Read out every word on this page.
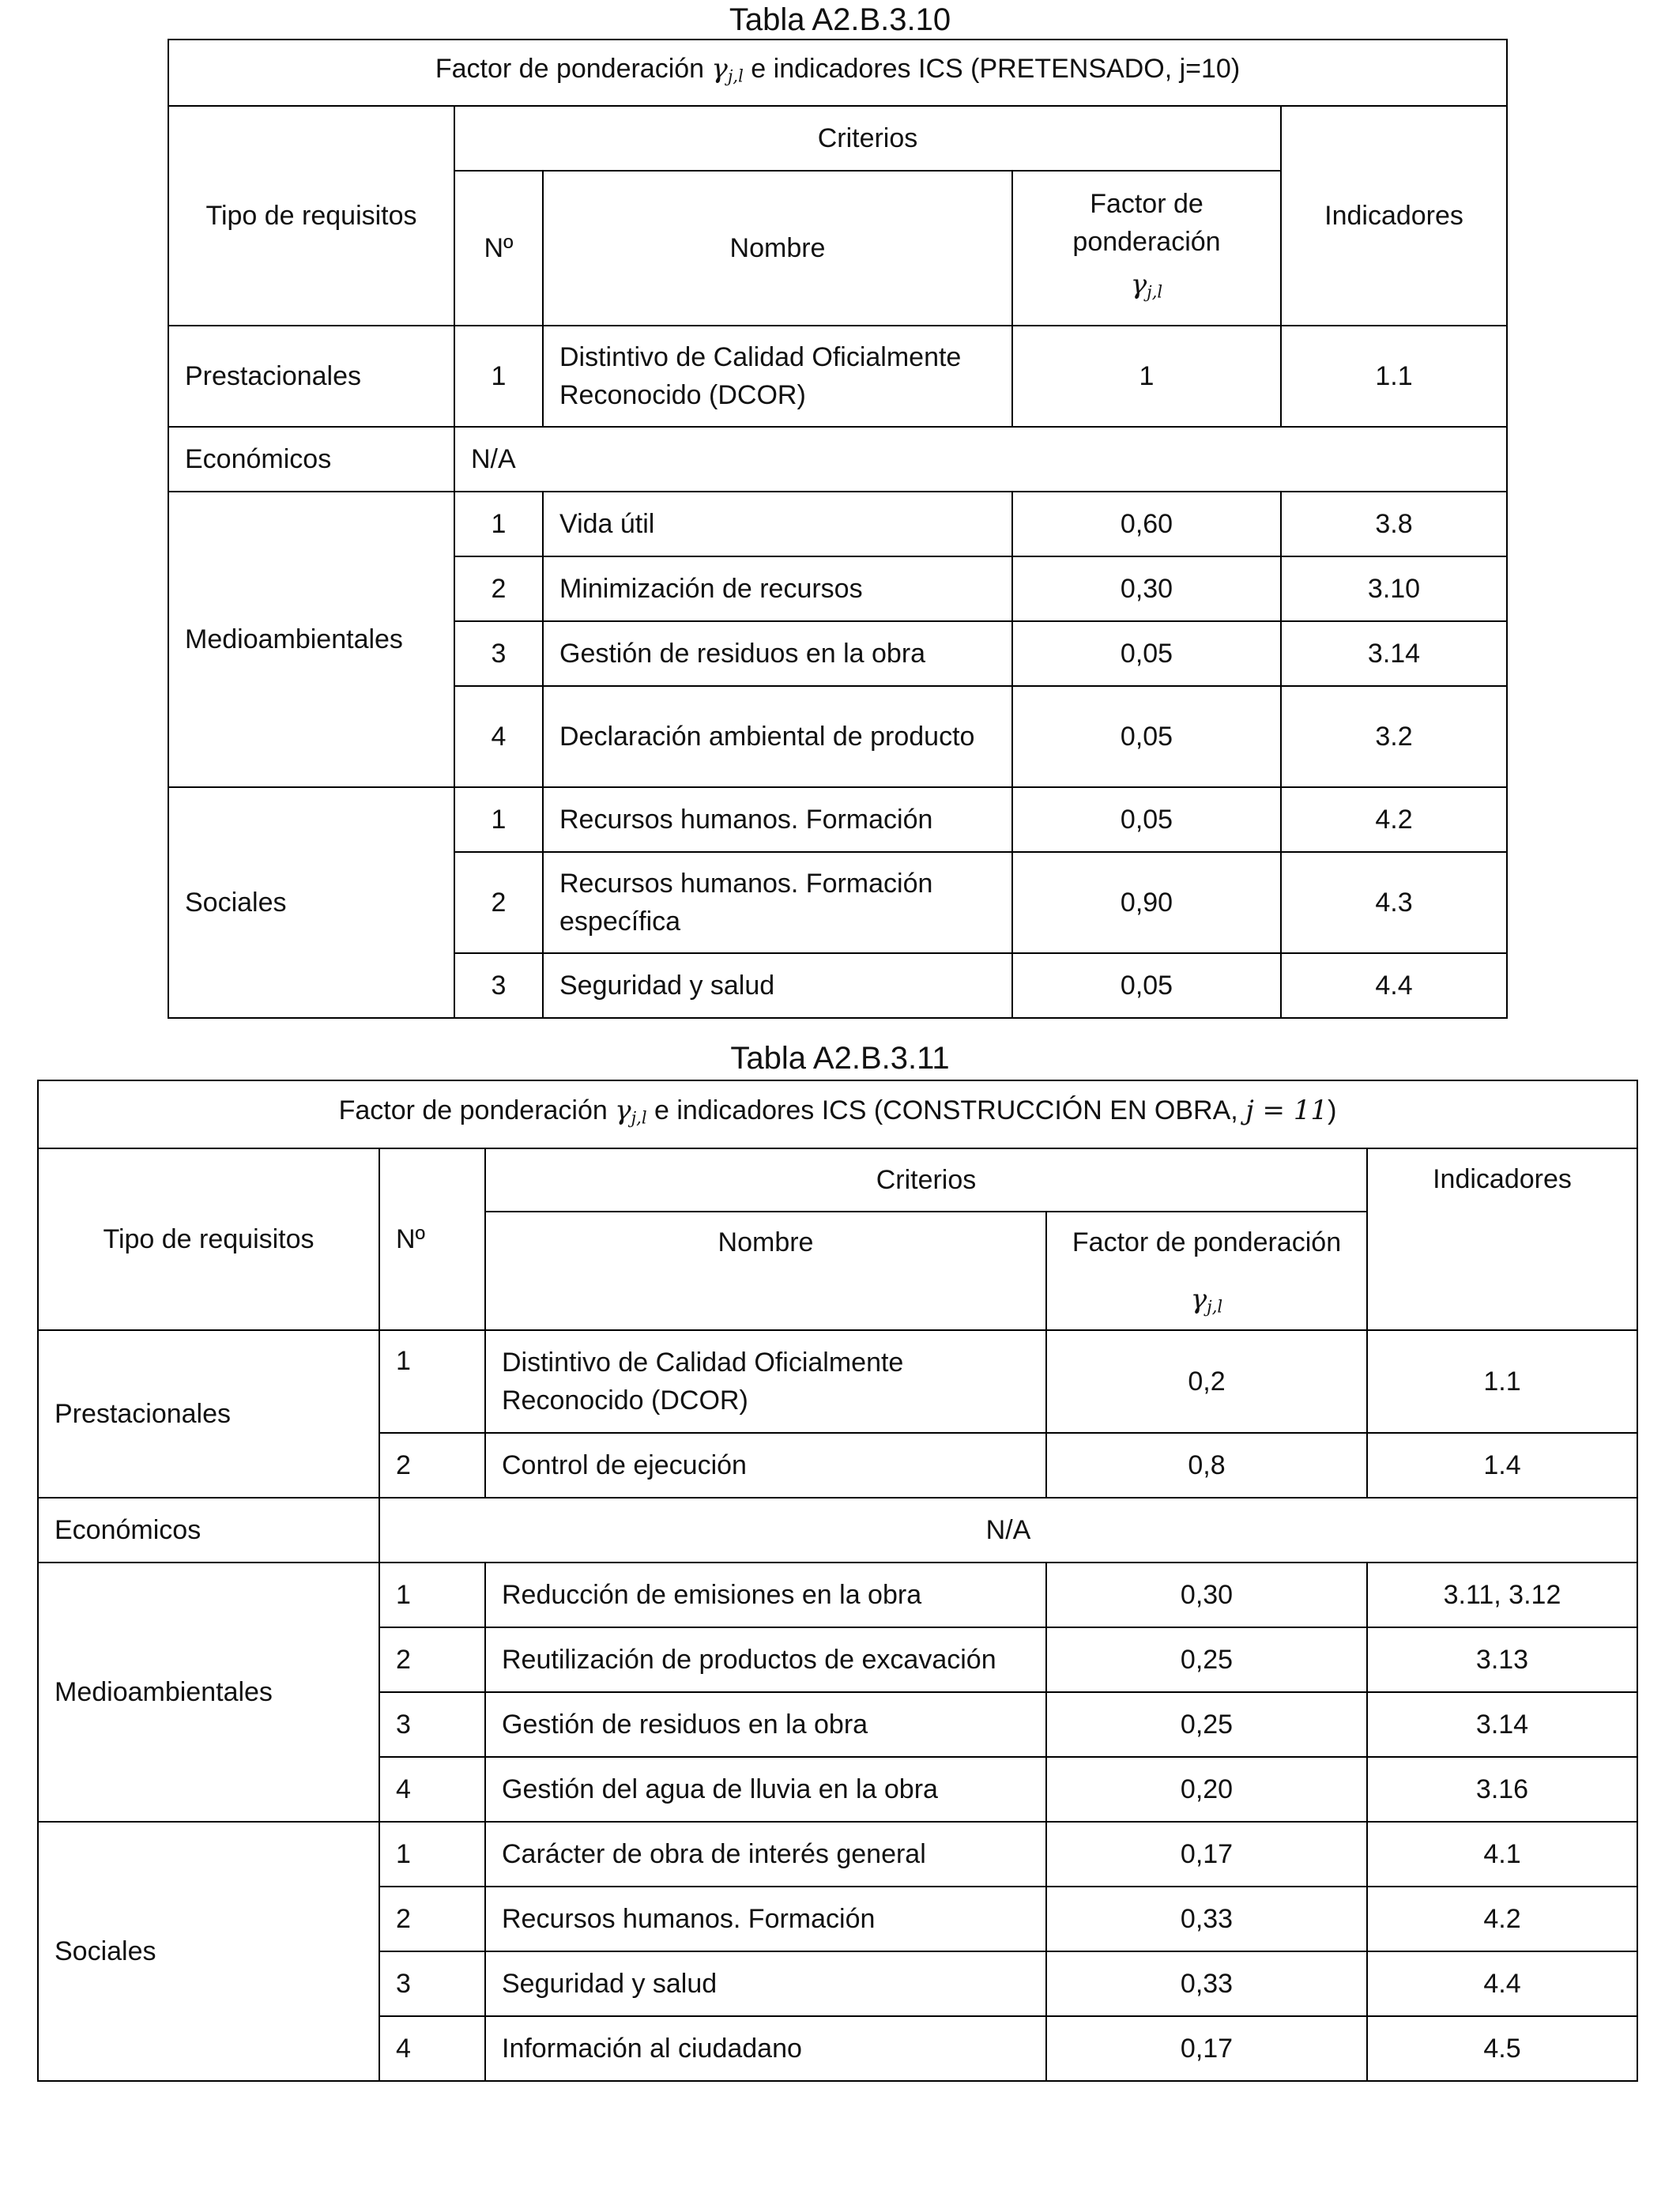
Tabla A2.B.3.10
Factor de ponderación $\gamma_{j,l}$ e indicadores ICS (PRETENSADO, j=10)				
Tipo de requisitos	Criterios			Indicadores
	Nº	Nombre	Factor de ponderación
$\gamma_{j,l}$

Prestacionales	1	Distintivo de Calidad Oficialmente Reconocido (DCOR)	1	1.1
Económicos	N/A			
Medioambientales	1	Vida útil	0,60	3.8
	2	Minimización de recursos	0,30	3.10
	3	Gestión de residuos en la obra	0,05	3.14
	4	Declaración ambiental de producto	0,05	3.2
Sociales	1	Recursos humanos. Formación	0,05	4.2
	2	Recursos humanos. Formación específica	0,90	4.3
	3	Seguridad y salud	0,05	4.4
Tabla A2.B.3.11
Factor de ponderación $\gamma_{j,l}$ e indicadores ICS (CONSTRUCCIÓN EN OBRA, j = 11)				
Tipo de requisitos	Nº	Criterios		Indicadores
		Nombre	Factor de ponderación
$\gamma_{j,l}$

Prestacionales	1	Distintivo de Calidad Oficialmente Reconocido (DCOR)	0,2	1.1
	2	Control de ejecución	0,8	1.4
Económicos	N/A			
Medioambientales	1	Reducción de emisiones en la obra	0,30	3.11, 3.12
	2	Reutilización de productos de excavación	0,25	3.13
	3	Gestión de residuos en la obra	0,25	3.14
	4	Gestión del agua de lluvia en la obra	0,20	3.16
Sociales	1	Carácter de obra de interés general	0,17	4.1
	2	Recursos humanos. Formación	0,33	4.2
	3	Seguridad y salud	0,33	4.4
	4	Información al ciudadano	0,17	4.5
